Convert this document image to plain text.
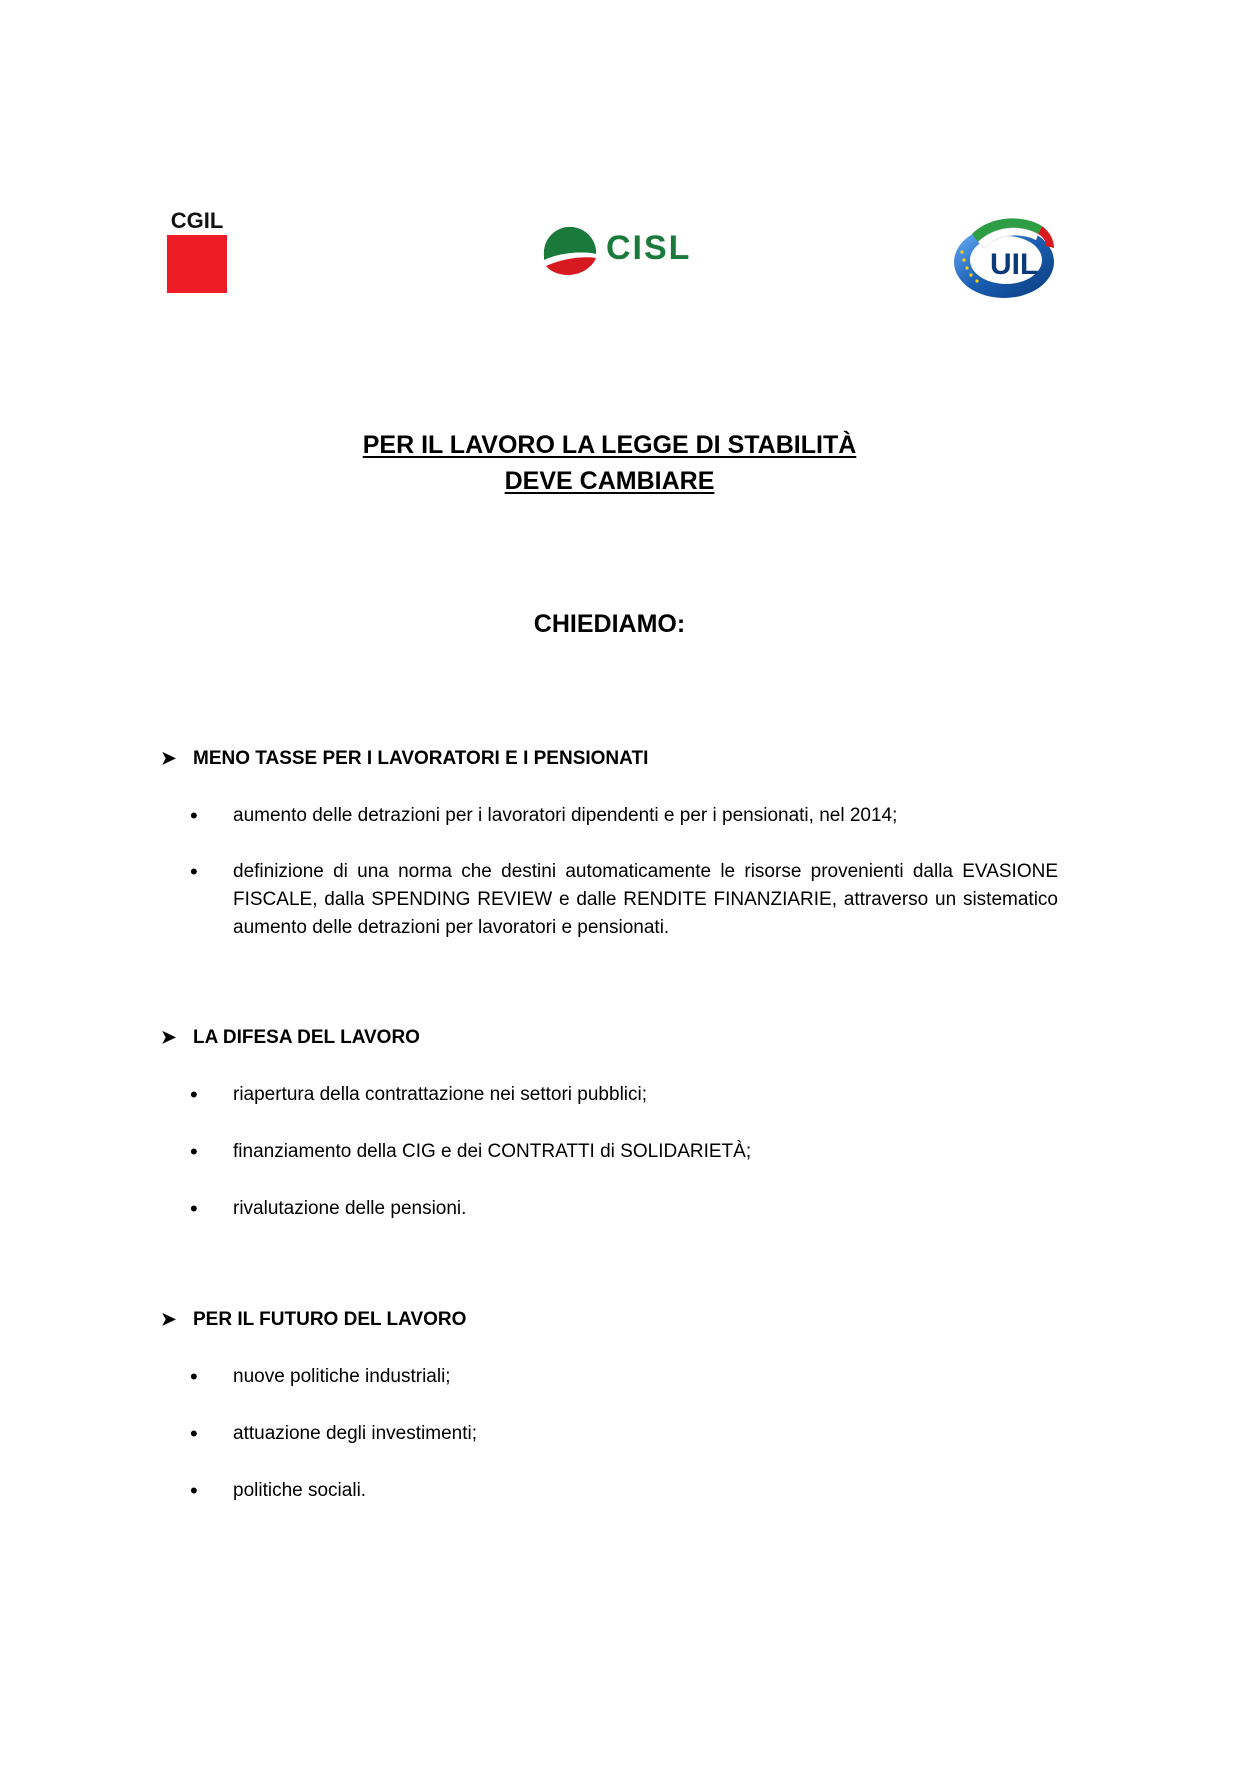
CGIL
CISL	UIL
PER IL LAVORO LA LEGGE DI STABILITÀ
DEVE CAMBIARE
CHIEDIAMO:
➤ MENO TASSE PER I LAVORATORI E I PENSIONATI
•	aumento delle detrazioni per i lavoratori dipendenti e per i pensionati, nel 2014;
•	definizione di una norma che destini automaticamente le risorse provenienti dalla EVASIONE FISCALE, dalla SPENDING REVIEW e dalle RENDITE FINANZIARIE, attraverso un sistematico aumento delle detrazioni per lavoratori e pensionati.
➤ LA DIFESA DEL LAVORO
•	riapertura della contrattazione nei settori pubblici;
•	finanziamento della CIG e dei CONTRATTI di SOLIDARIETÀ;
•	rivalutazione delle pensioni.
➤ PER IL FUTURO DEL LAVORO
•	nuove politiche industriali;
•	attuazione degli investimenti;
•	politiche sociali.
